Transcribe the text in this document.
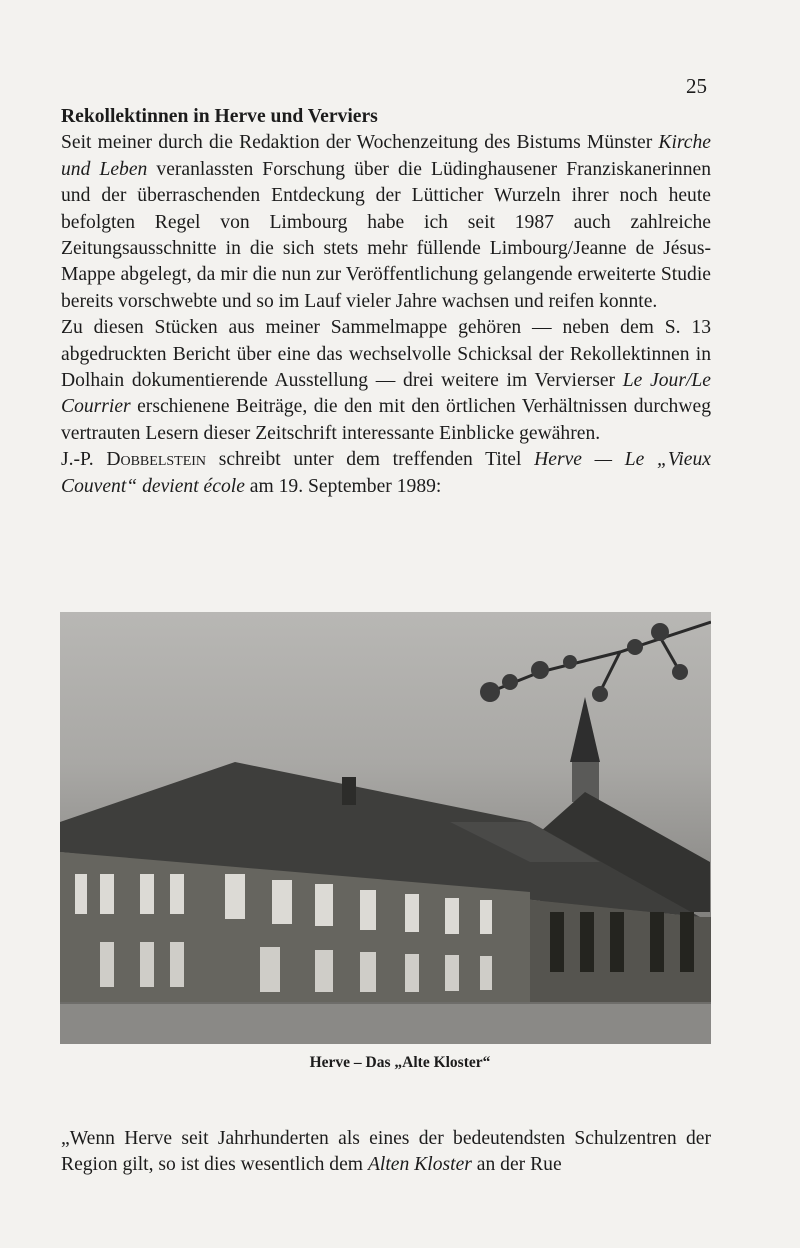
25
Rekollektinnen in Herve und Verviers

Seit meiner durch die Redaktion der Wochenzeitung des Bistums Münster Kirche und Leben veranlassten Forschung über die Lüdinghausener Franziskanerinnen und der überraschenden Entdeckung der Lütticher Wurzeln ihrer noch heute befolgten Regel von Limbourg habe ich seit 1987 auch zahlreiche Zeitungsausschnitte in die sich stets mehr füllende Limbourg/Jeanne de Jésus-Mappe abgelegt, da mir die nun zur Veröffentlichung gelangende erweiterte Studie bereits vorschwebte und so im Lauf vieler Jahre wachsen und reifen konnte.

Zu diesen Stücken aus meiner Sammelmappe gehören — neben dem S. 13 abgedruckten Bericht über eine das wechselvolle Schicksal der Rekollektinnen in Dolhain dokumentierende Ausstellung — drei weitere im Vervierser Le Jour/Le Courrier erschienene Beiträge, die den mit den örtlichen Verhältnissen durchweg vertrauten Lesern dieser Zeitschrift interessante Einblicke gewähren.

J.-P. Dobbelstein schreibt unter dem treffenden Titel Herve — Le „Vieux Couvent“ devient école am 19. September 1989:

Herve – Das „Alte Kloster“

„Wenn Herve seit Jahrhunderten als eines der bedeutendsten Schulzentren der Region gilt, so ist dies wesentlich dem Alten Kloster an der Rue
